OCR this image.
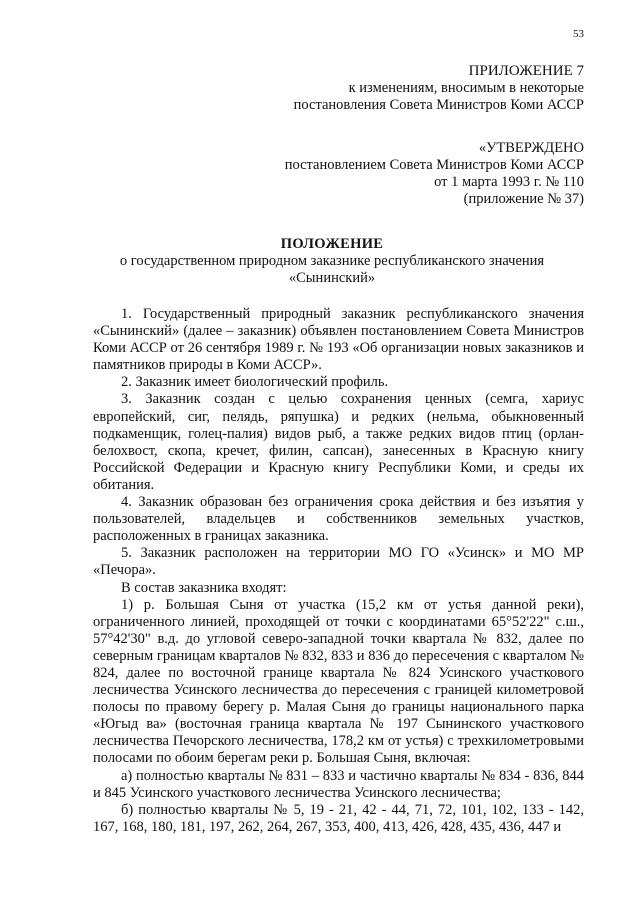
53
ПРИЛОЖЕНИЕ 7
к изменениям, вносимым в некоторые
постановления Совета Министров Коми АССР
«УТВЕРЖДЕНО
постановлением Совета Министров Коми АССР
от 1 марта 1993 г. № 110
(приложение № 37)
ПОЛОЖЕНИЕ
о государственном природном заказнике республиканского значения
«Сынинский»

1. Государственный природный заказник республиканского значения «Сынинский» (далее – заказник) объявлен постановлением Совета Министров Коми АССР от 26 сентября 1989 г. № 193 «Об организации новых заказников и памятников природы в Коми АССР».

2. Заказник имеет биологический профиль.

3. Заказник создан с целью сохранения ценных (семга, хариус европейский, сиг, пелядь, ряпушка) и редких (нельма, обыкновенный подкаменщик, голец-палия) видов рыб, а также редких видов птиц (орлан-белохвост, скопа, кречет, филин, сапсан), занесенных в Красную книгу Российской Федерации и Красную книгу Республики Коми, и среды их обитания.

4. Заказник образован без ограничения срока действия и без изъятия у пользователей, владельцев и собственников земельных участков, расположенных в границах заказника.

5. Заказник расположен на территории МО ГО «Усинск» и МО МР «Печора».

В состав заказника входят:

1) р. Большая Сыня от участка (15,2 км от устья данной реки), ограниченного линией, проходящей от точки с координатами 65°52'22" с.ш., 57°42'30" в.д. до угловой северо-западной точки квартала № 832, далее по северным границам кварталов № 832, 833 и 836 до пересечения с кварталом № 824, далее по восточной границе квартала № 824 Усинского участкового лесничества Усинского лесничества до пересечения с границей километровой полосы по правому берегу р. Малая Сыня до границы национального парка «Югыд ва» (восточная граница квартала № 197 Сынинского участкового лесничества Печорского лесничества, 178,2 км от устья) с трехкилометровыми полосами по обоим берегам реки р. Большая Сыня, включая:

а) полностью кварталы № 831 – 833 и частично кварталы № 834 - 836, 844 и 845 Усинского участкового лесничества Усинского лесничества;

б) полностью кварталы № 5, 19 - 21, 42 - 44, 71, 72, 101, 102, 133 - 142, 167, 168, 180, 181, 197, 262, 264, 267, 353, 400, 413, 426, 428, 435, 436, 447 и
